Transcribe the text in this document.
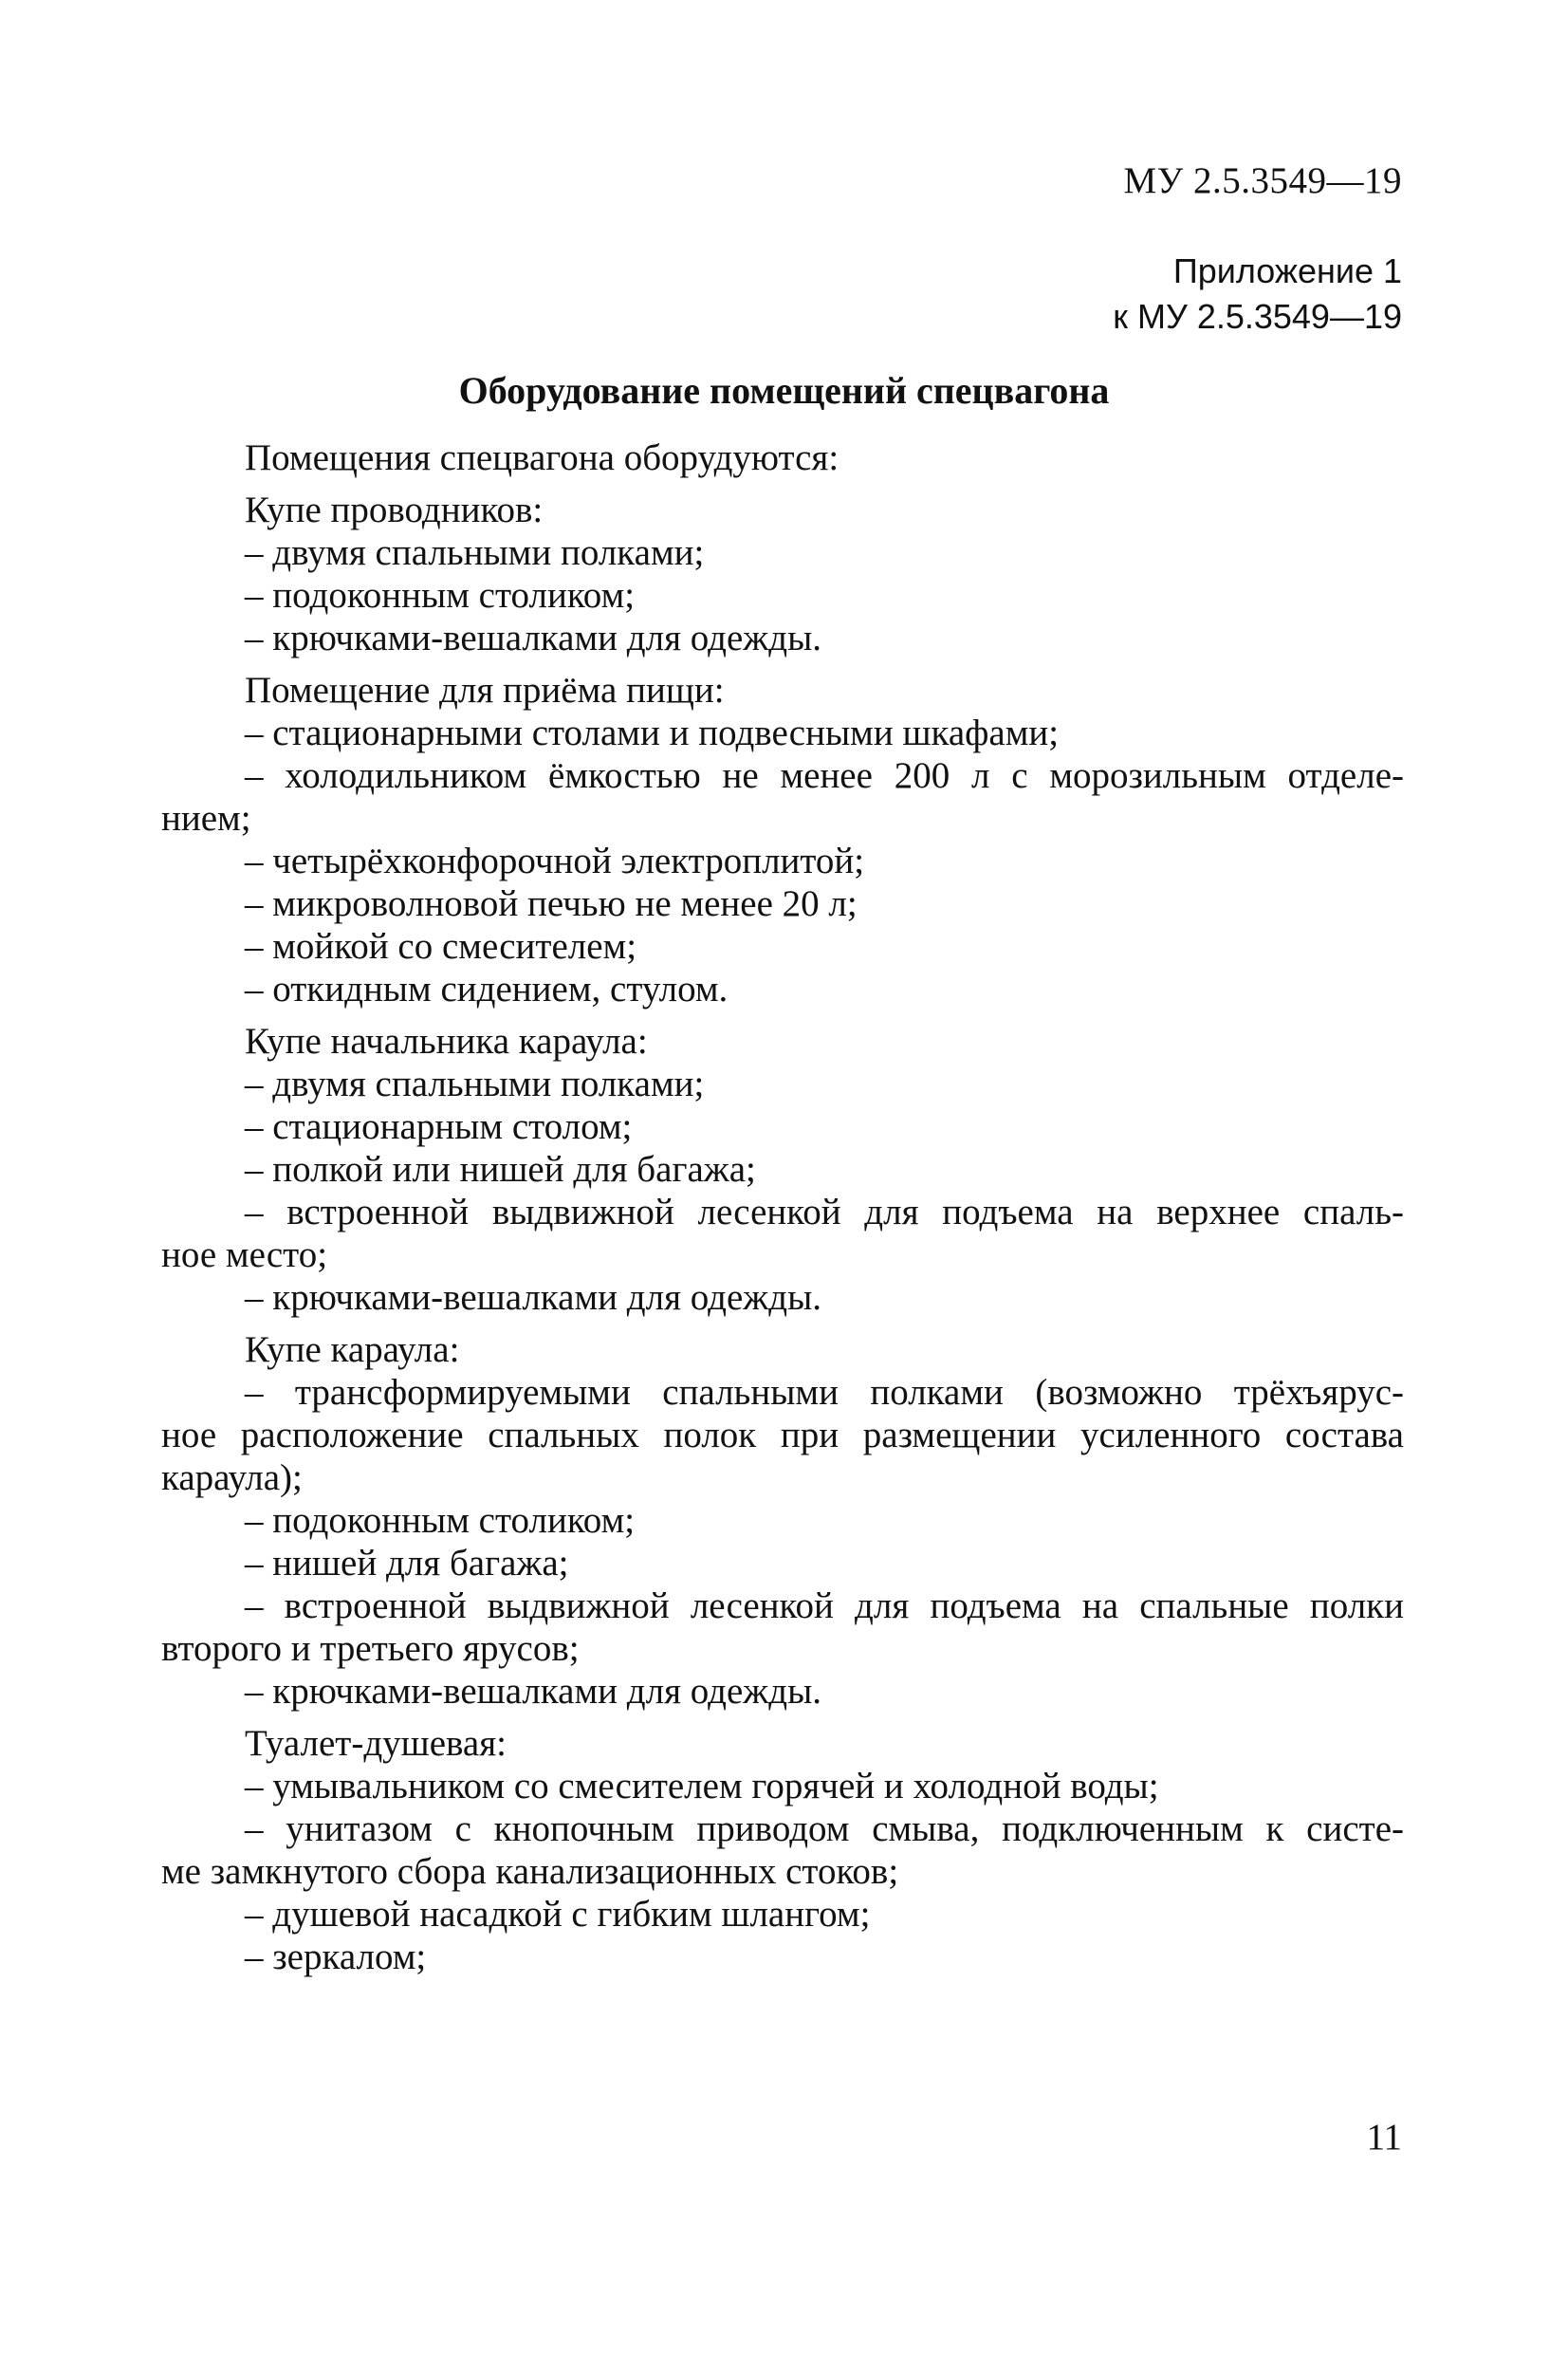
МУ 2.5.3549—19
Приложение 1
к МУ 2.5.3549—19
Оборудование помещений спецвагона
Помещения спецвагона оборудуются:
Купе проводников:
– двумя спальными полками;
– подоконным столиком;
– крючками-вешалками для одежды.
Помещение для приёма пищи:
– стационарными столами и подвесными шкафами;
– холодильником ёмкостью не менее 200 л с морозильным отделе-
нием;
– четырёхконфорочной электроплитой;
– микроволновой печью не менее 20 л;
– мойкой со смесителем;
– откидным сидением, стулом.
Купе начальника караула:
– двумя спальными полками;
– стационарным столом;
– полкой или нишей для багажа;
– встроенной выдвижной лесенкой для подъема на верхнее спаль-
ное место;
– крючками-вешалками для одежды.
Купе караула:
– трансформируемыми спальными полками (возможно трёхъярус-
ное расположение спальных полок при размещении усиленного состава
караула);
– подоконным столиком;
– нишей для багажа;
– встроенной выдвижной лесенкой для подъема на спальные полки
второго и третьего ярусов;
– крючками-вешалками для одежды.
Туалет-душевая:
– умывальником со смесителем горячей и холодной воды;
– унитазом с кнопочным приводом смыва, подключенным к систе-
ме замкнутого сбора канализационных стоков;
– душевой насадкой с гибким шлангом;
– зеркалом;
11
